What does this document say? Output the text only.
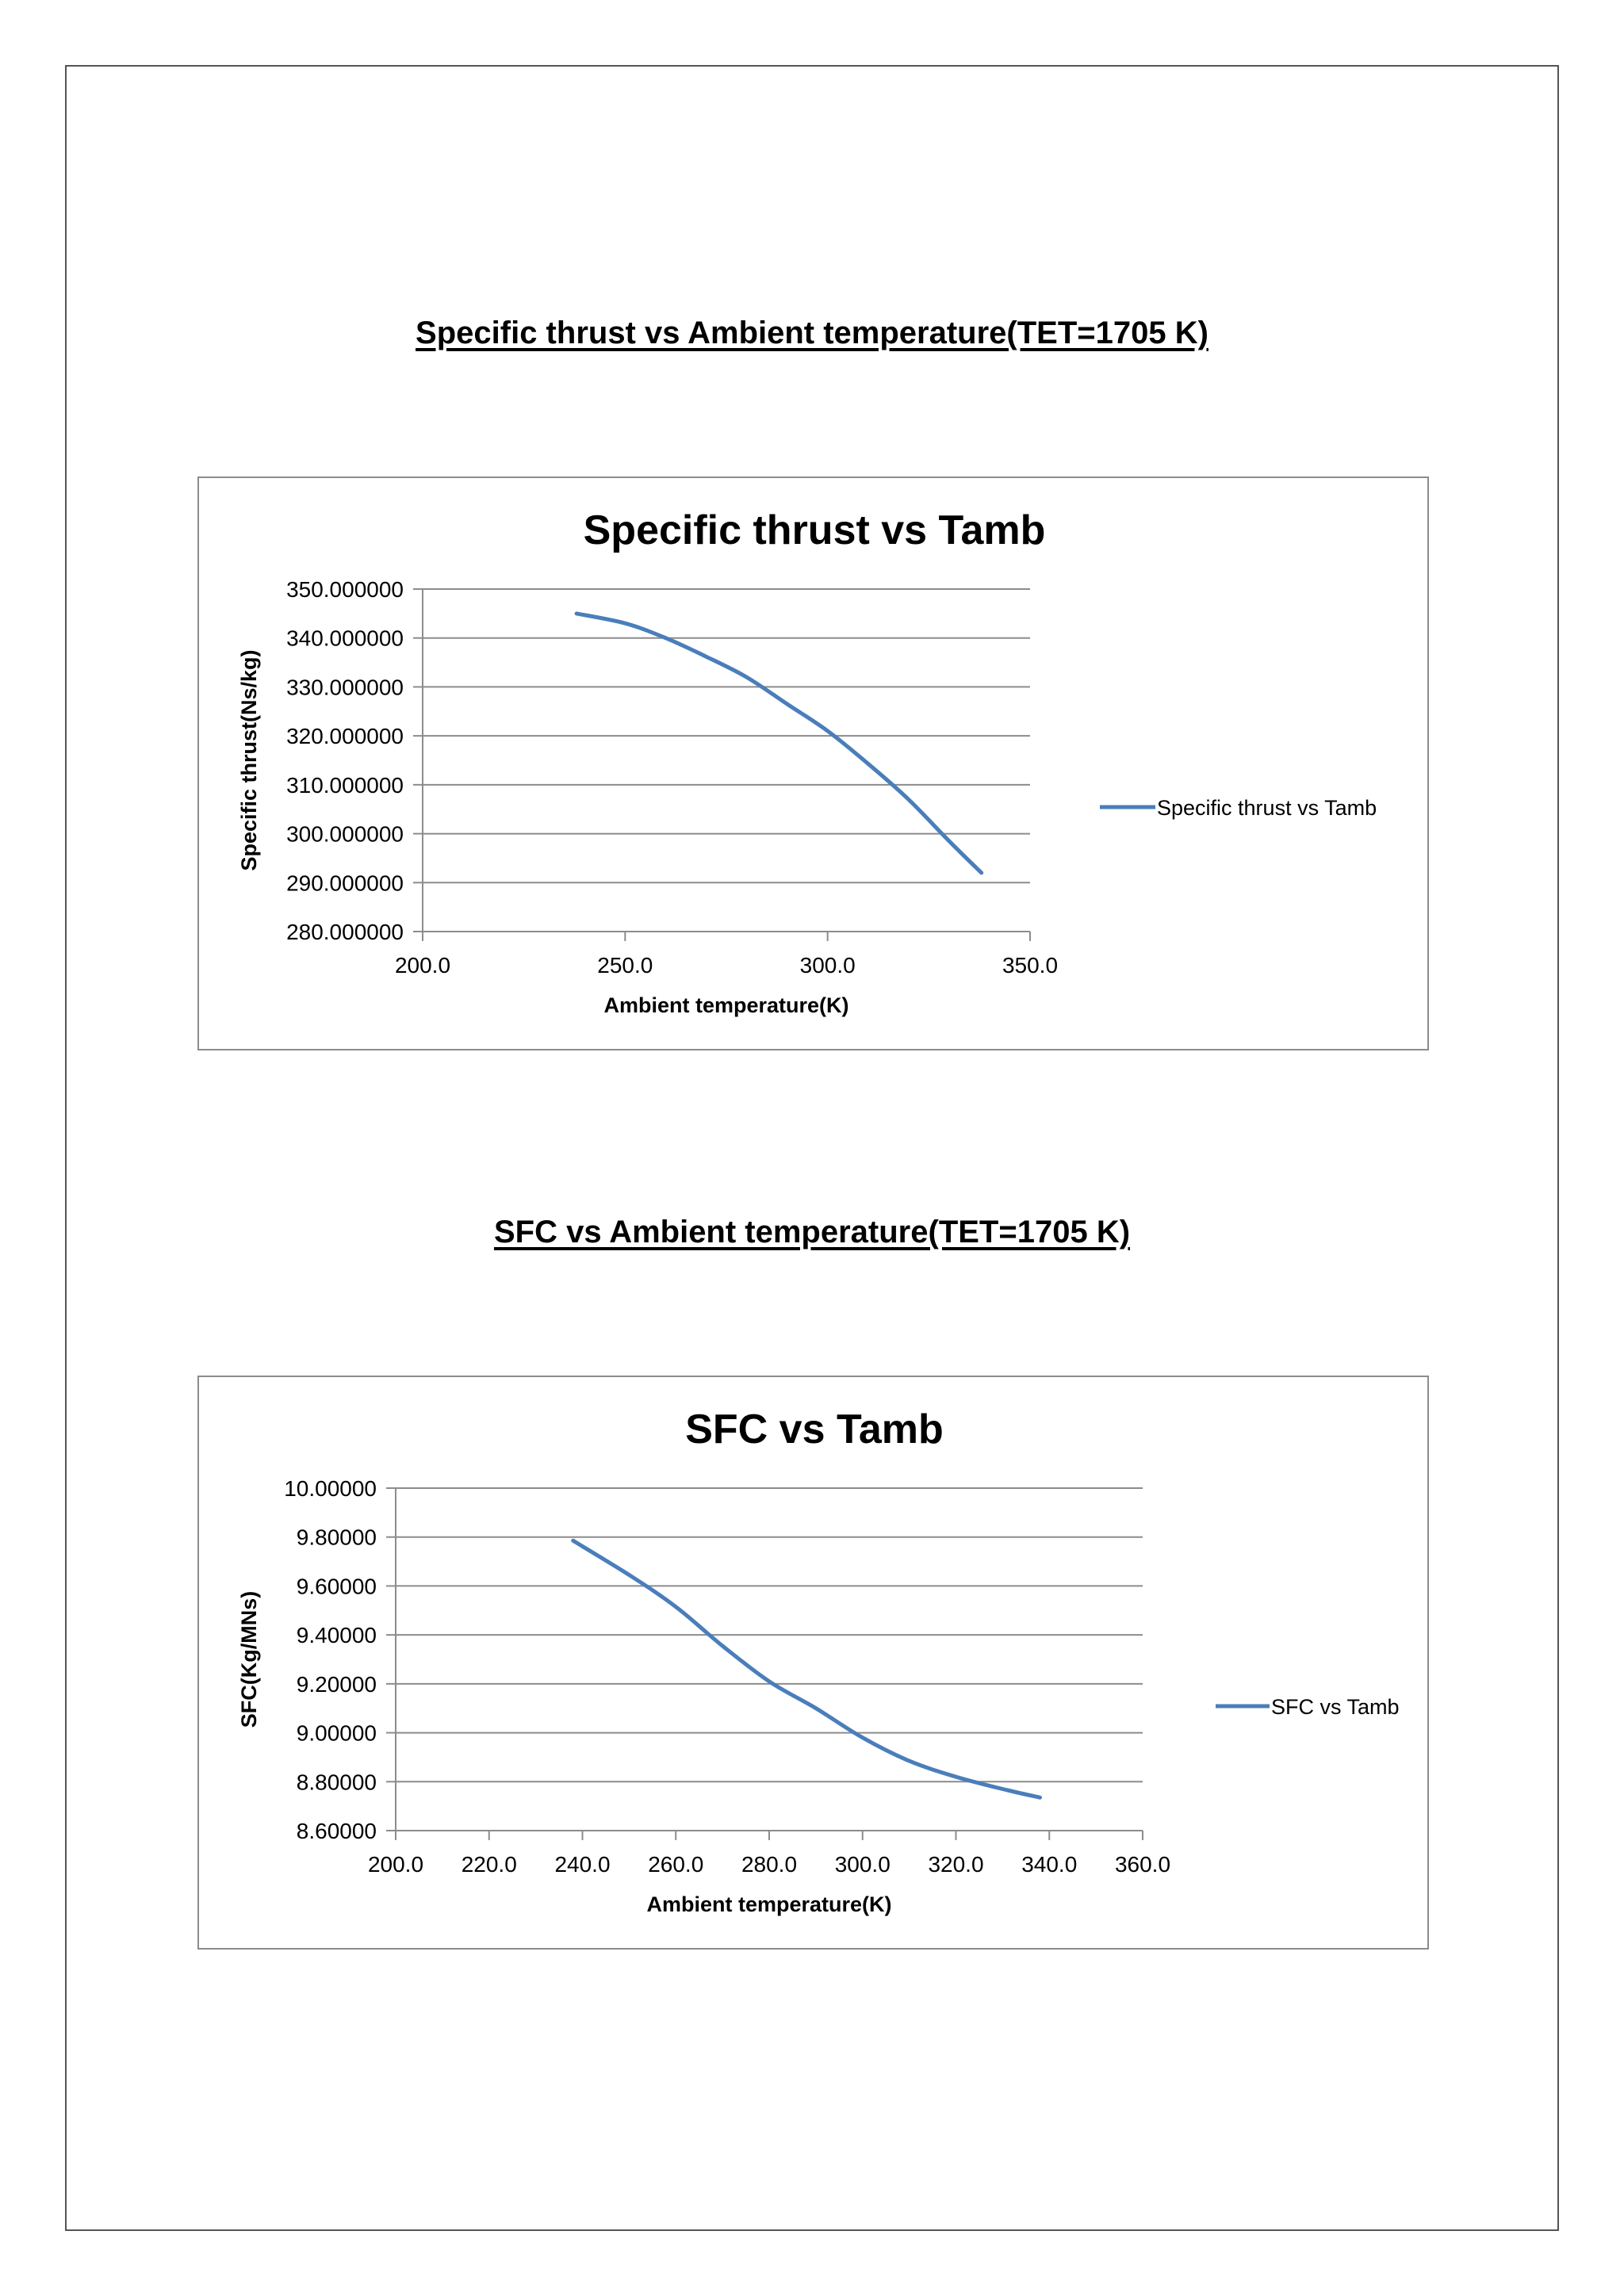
Specific thrust vs Ambient temperature(TET=1705 K)
Specific thrust vs Tamb
280.000000
290.000000
300.000000
310.000000
320.000000
330.000000
340.000000
350.000000
200.0	250.0	300.0	350.0
Ambient temperature(K)
Specific thrust(Ns/kg)	Specific thrust vs Tamb
SFC vs Ambient temperature(TET=1705 K)
SFC vs Tamb
8.60000
8.80000
9.00000
9.20000
9.40000
9.60000
9.80000
10.00000
200.0 220.0 240.0 260.0 280.0 300.0 320.0 340.0 360.0
Ambient temperature(K)
SFC(Kg/MNs)	SFC vs Tamb
